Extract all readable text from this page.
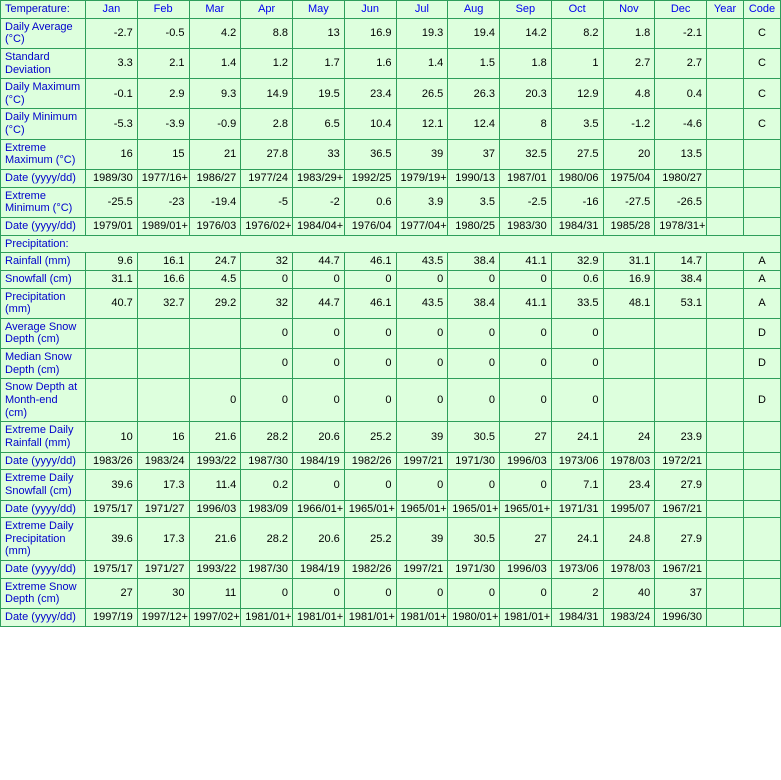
Temperature:	Jan	Feb	Mar	Apr	May	Jun	Jul	Aug	Sep	Oct	Nov	Dec	Year	Code
Daily Average (°C)	-2.7	-0.5	4.2	8.8	13	16.9	19.3	19.4	14.2	8.2	1.8	-2.1		C
Standard Deviation	3.3	2.1	1.4	1.2	1.7	1.6	1.4	1.5	1.8	1	2.7	2.7		C
Daily Maximum (°C)	-0.1	2.9	9.3	14.9	19.5	23.4	26.5	26.3	20.3	12.9	4.8	0.4		C
Daily Minimum (°C)	-5.3	-3.9	-0.9	2.8	6.5	10.4	12.1	12.4	8	3.5	-1.2	-4.6		C
Extreme Maximum (°C)	16	15	21	27.8	33	36.5	39	37	32.5	27.5	20	13.5		
Date (yyyy/dd)	1989/30	1977/16+	1986/27	1977/24	1983/29+	1992/25	1979/19+	1990/13	1987/01	1980/06	1975/04	1980/27		
Extreme Minimum (°C)	-25.5	-23	-19.4	-5	-2	0.6	3.9	3.5	-2.5	-16	-27.5	-26.5		
Date (yyyy/dd)	1979/01	1989/01+	1976/03	1976/02+	1984/04+	1976/04	1977/04+	1980/25	1983/30	1984/31	1985/28	1978/31+		
Precipitation:														
Rainfall (mm)	9.6	16.1	24.7	32	44.7	46.1	43.5	38.4	41.1	32.9	31.1	14.7		A
Snowfall (cm)	31.1	16.6	4.5	0	0	0	0	0	0	0.6	16.9	38.4		A
Precipitation (mm)	40.7	32.7	29.2	32	44.7	46.1	43.5	38.4	41.1	33.5	48.1	53.1		A
Average Snow Depth (cm)				0	0	0	0	0	0	0				D
Median Snow Depth (cm)				0	0	0	0	0	0	0				D
Snow Depth at Month-end (cm)			0	0	0	0	0	0	0	0				D
Extreme Daily Rainfall (mm)	10	16	21.6	28.2	20.6	25.2	39	30.5	27	24.1	24	23.9		
Date (yyyy/dd)	1983/26	1983/24	1993/22	1987/30	1984/19	1982/26	1997/21	1971/30	1996/03	1973/06	1978/03	1972/21		
Extreme Daily Snowfall (cm)	39.6	17.3	11.4	0.2	0	0	0	0	0	7.1	23.4	27.9		
Date (yyyy/dd)	1975/17	1971/27	1996/03	1983/09	1966/01+	1965/01+	1965/01+	1965/01+	1965/01+	1971/31	1995/07	1967/21		
Extreme Daily Precipitation (mm)	39.6	17.3	21.6	28.2	20.6	25.2	39	30.5	27	24.1	24.8	27.9		
Date (yyyy/dd)	1975/17	1971/27	1993/22	1987/30	1984/19	1982/26	1997/21	1971/30	1996/03	1973/06	1978/03	1967/21		
Extreme Snow Depth (cm)	27	30	11	0	0	0	0	0	0	2	40	37		
Date (yyyy/dd)	1997/19	1997/12+	1997/02+	1981/01+	1981/01+	1981/01+	1981/01+	1980/01+	1981/01+	1984/31	1983/24	1996/30		
